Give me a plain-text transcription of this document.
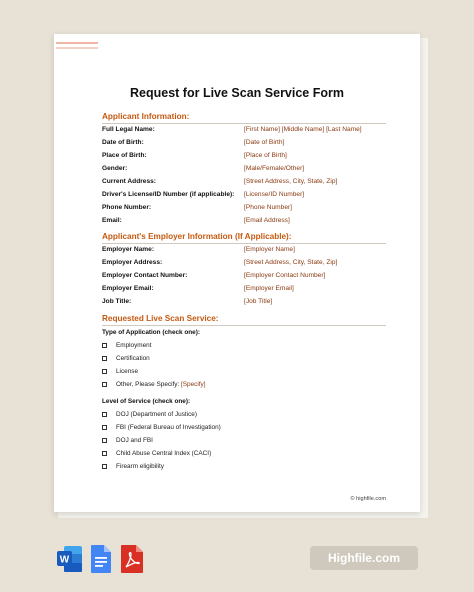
Request for Live Scan Service Form
Applicant Information:
Full Legal Name:	[First Name] [Middle Name] [Last Name]
Date of Birth:	[Date of Birth]
Place of Birth:	[Place of Birth]
Gender:	[Male/Female/Other]
Current Address:	[Street Address, City, State, Zip]
Driver's License/ID Number (if applicable): [License/ID Number]
Phone Number:	[Phone Number]
Email:	[Email Address]
Applicant's Employer Information (If Applicable):
Employer Name:	[Employer Name]
Employer Address:	[Street Address, City, State, Zip]
Employer Contact Number:	[Employer Contact Number]
Employer Email:	[Employer Email]
Job Title:	[Job Title]
Requested Live Scan Service:
Type of Application (check one):
Employment
Certification
License
Other, Please Specify: [Specify]
Level of Service (check one):
DOJ (Department of Justice)
FBI (Federal Bureau of Investigation)
DOJ and FBI
Child Abuse Central Index (CACI)
Firearm eligibility
© highfile.com
W	Highfile.com
